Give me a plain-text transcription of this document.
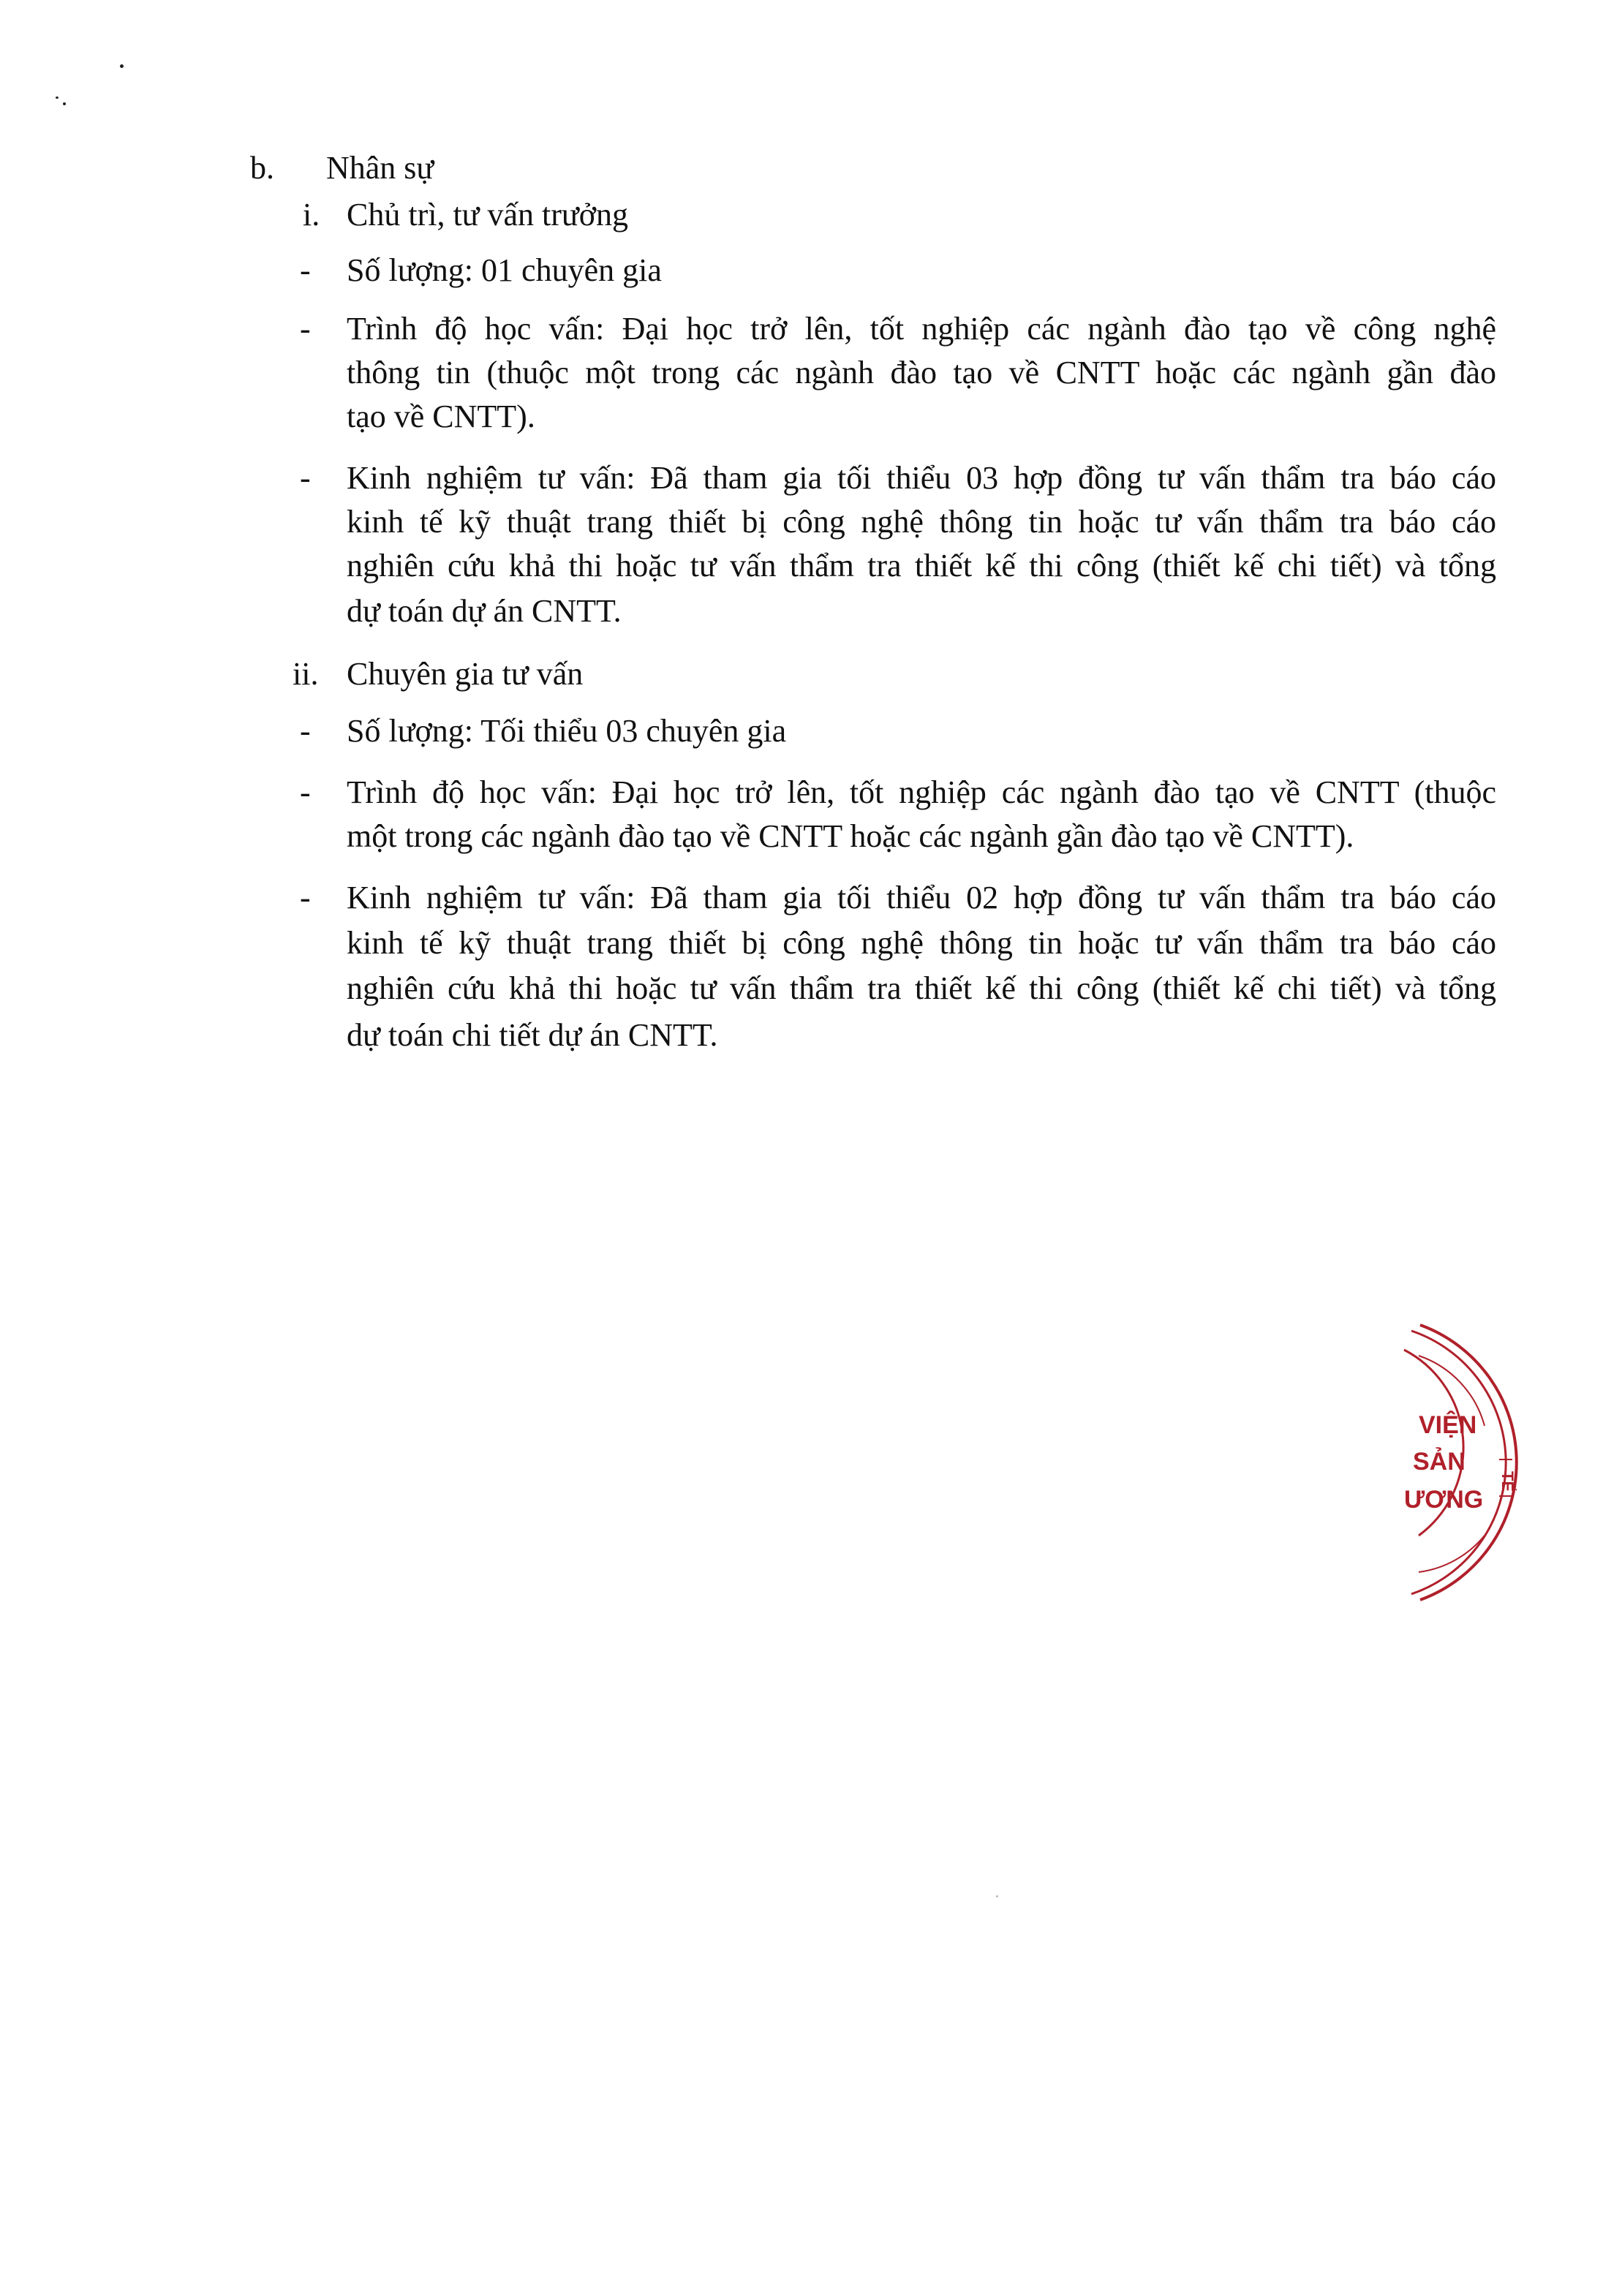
b. Nhân sự
i. Chủ trì, tư vấn trưởng
- Số lượng: 01 chuyên gia
- Trình độ học vấn: Đại học trở lên, tốt nghiệp các ngành đào tạo về công nghệ
thông tin (thuộc một trong các ngành đào tạo về CNTT hoặc các ngành gần đào
tạo về CNTT).
- Kinh nghiệm tư vấn: Đã tham gia tối thiểu 03 hợp đồng tư vấn thẩm tra báo cáo
kinh tế kỹ thuật trang thiết bị công nghệ thông tin hoặc tư vấn thẩm tra báo cáo
nghiên cứu khả thi hoặc tư vấn thẩm tra thiết kế thi công (thiết kế chi tiết) và tổng
dự toán dự án CNTT.
ii. Chuyên gia tư vấn
- Số lượng: Tối thiểu 03 chuyên gia
- Trình độ học vấn: Đại học trở lên, tốt nghiệp các ngành đào tạo về CNTT (thuộc
một trong các ngành đào tạo về CNTT hoặc các ngành gần đào tạo về CNTT).
- Kinh nghiệm tư vấn: Đã tham gia tối thiểu 02 hợp đồng tư vấn thẩm tra báo cáo
kinh tế kỹ thuật trang thiết bị công nghệ thông tin hoặc tư vấn thẩm tra báo cáo
nghiên cứu khả thi hoặc tư vấn thẩm tra thiết kế thi công (thiết kế chi tiết) và tổng
dự toán chi tiết dự án CNTT.
VIỆN
SẢN
ƯƠNG
TẾ
